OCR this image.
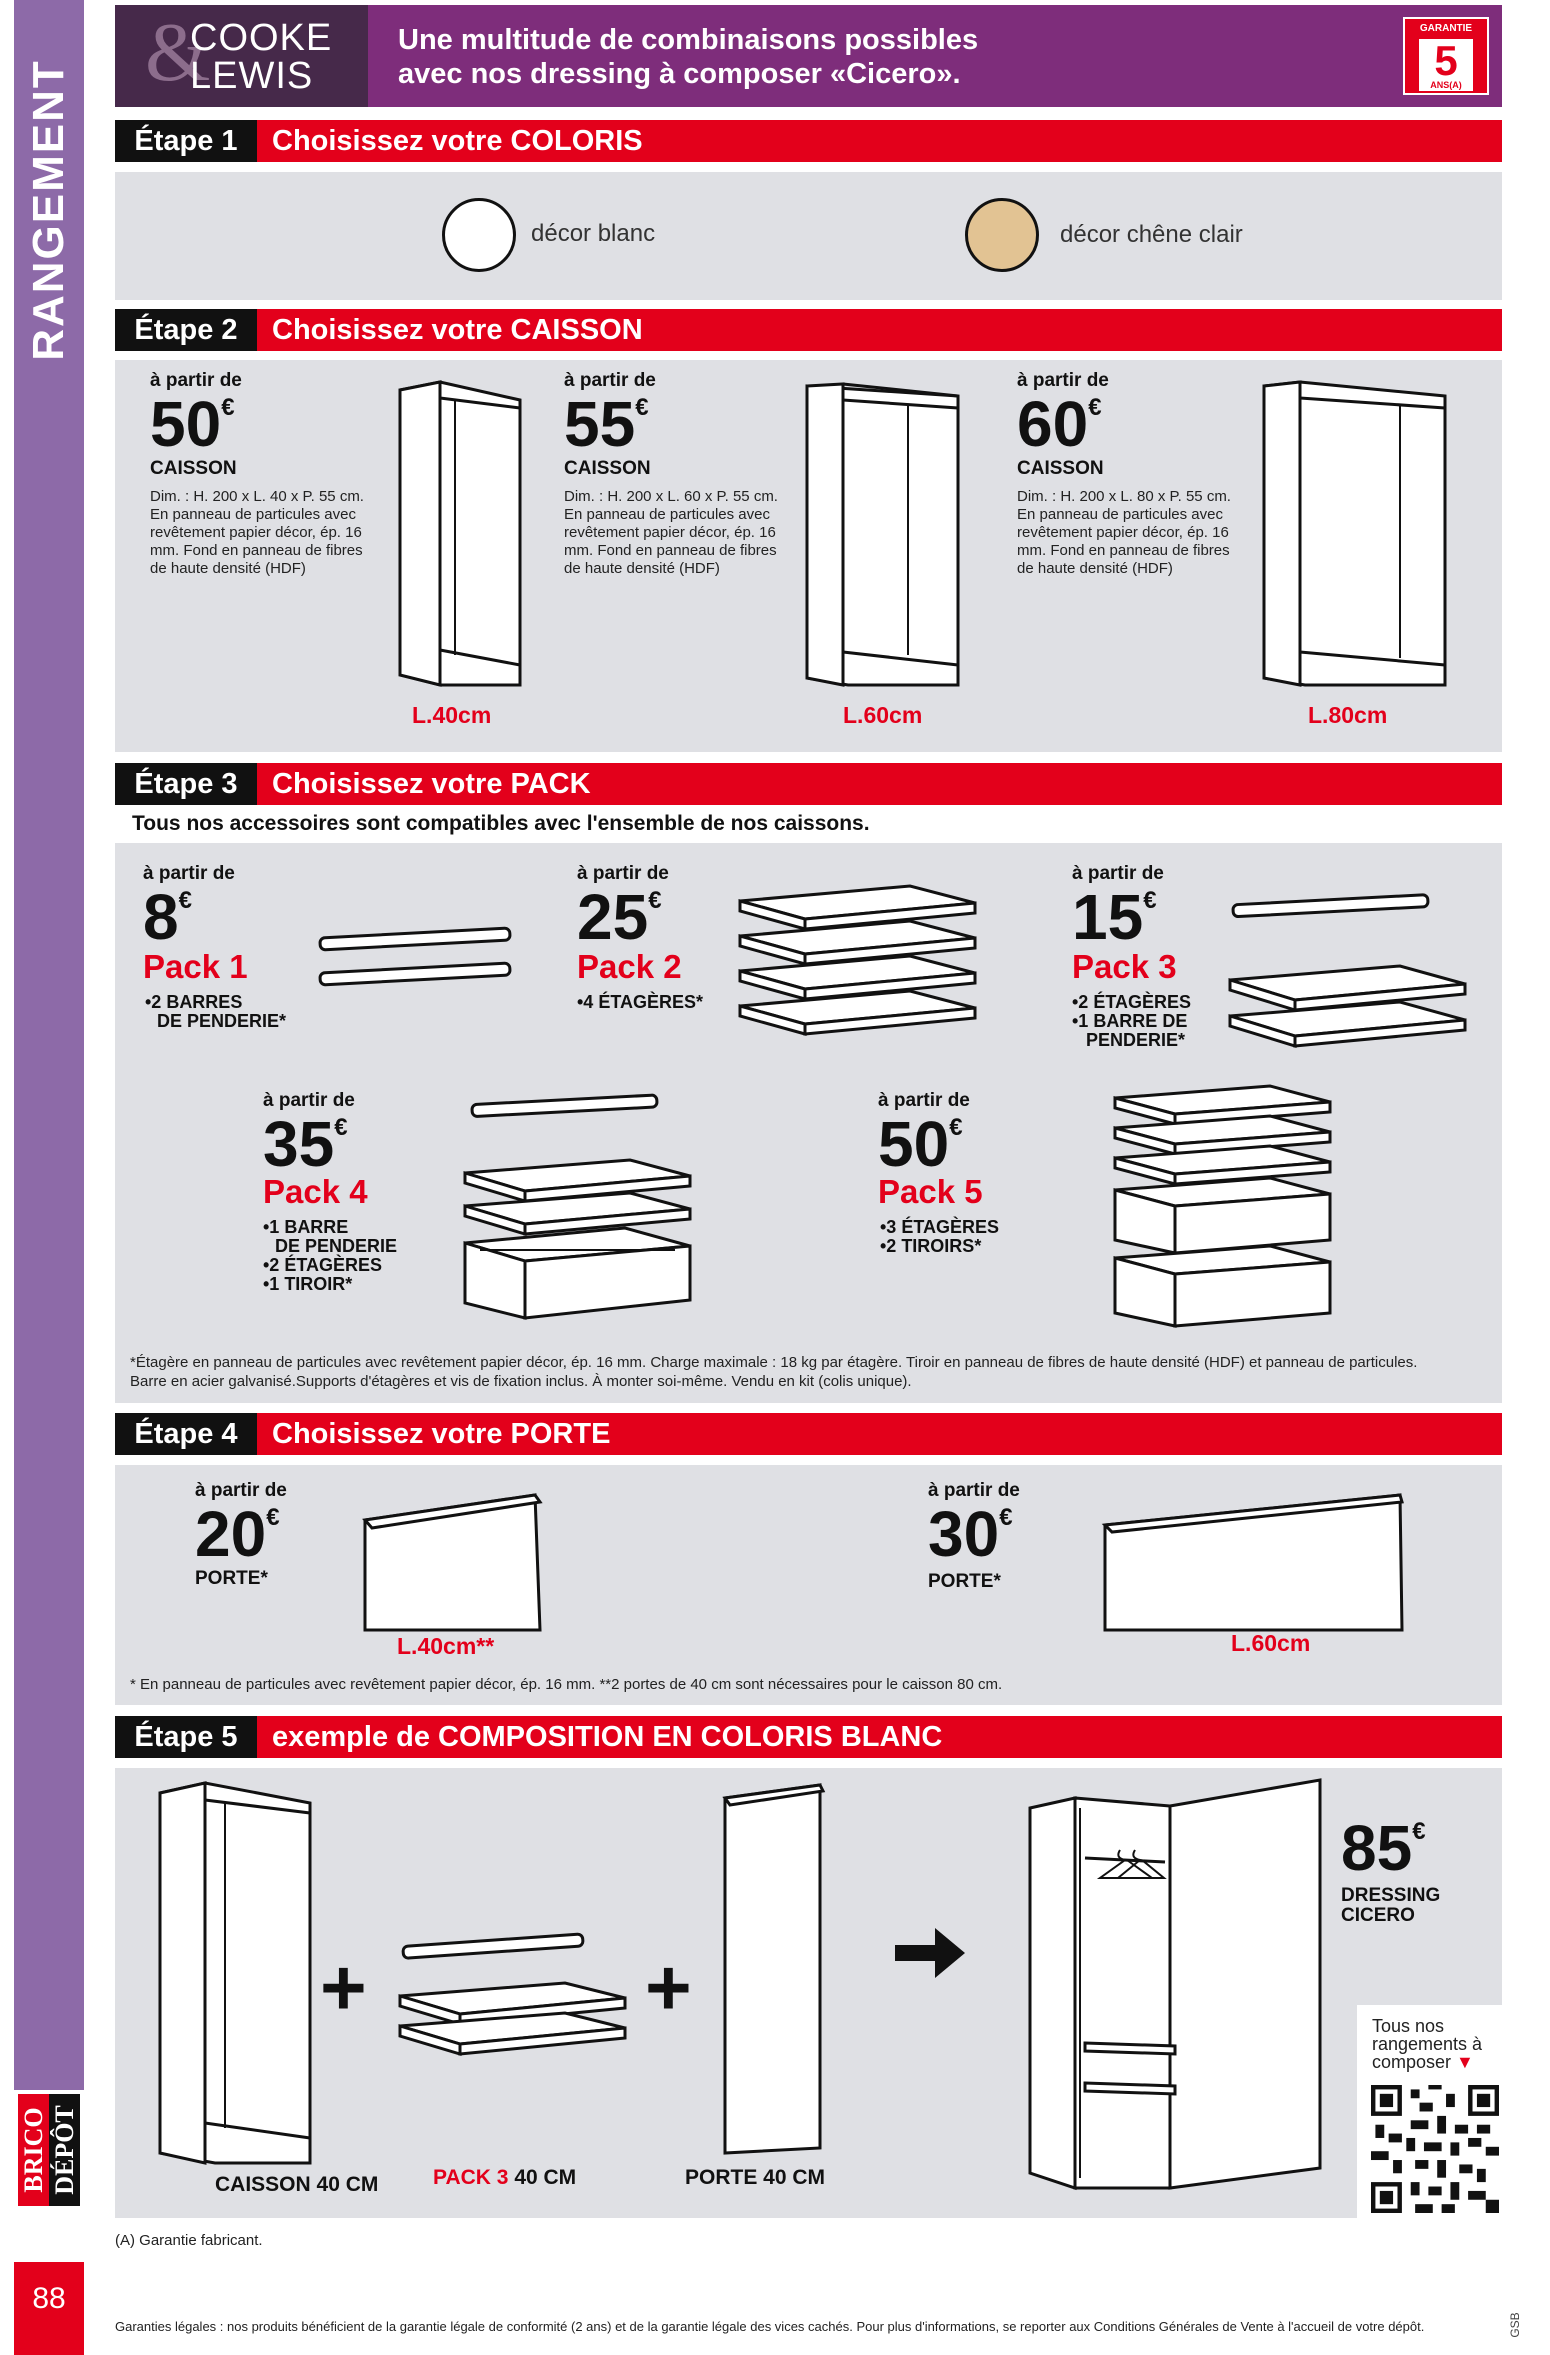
RANGEMENT
BRICO DÉPÔT
88
&
COOKE
LEWIS
Une multitude de combinaisons possibles
avec nos dressing à composer «Cicero».
GARANTIE
5
ANS(A)
Étape 1	Choisissez votre COLORIS
décor blanc	décor chêne clair
Étape 2	Choisissez votre CAISSON
à partir de
50€
CAISSON
Dim. : H. 200 x L. 40 x P. 55 cm.
En panneau de particules avec
revêtement papier décor, ép. 16
mm. Fond en panneau de fibres
de haute densité (HDF)
L.40cm
à partir de
55€
CAISSON
Dim. : H. 200 x L. 60 x P. 55 cm.
En panneau de particules avec
revêtement papier décor, ép. 16
mm. Fond en panneau de fibres
de haute densité (HDF)
L.60cm
à partir de
60€
CAISSON
Dim. : H. 200 x L. 80 x P. 55 cm.
En panneau de particules avec
revêtement papier décor, ép. 16
mm. Fond en panneau de fibres
de haute densité (HDF)
L.80cm
Étape 3	Choisissez votre PACK
Tous nos accessoires sont compatibles avec l'ensemble de nos caissons.
à partir de
8€
Pack 1
•2 BARRES
DE PENDERIE*
à partir de
25€
Pack 2
•4 ÉTAGÈRES*
à partir de
15€
Pack 3
•2 ÉTAGÈRES
•1 BARRE DE
PENDERIE*
à partir de
35€
Pack 4
•1 BARRE
DE PENDERIE
•2 ÉTAGÈRES
•1 TIROIR*
à partir de
50€
Pack 5
•3 ÉTAGÈRES
•2 TIROIRS*
*Étagère en panneau de particules avec revêtement papier décor, ép. 16 mm. Charge maximale : 18 kg par étagère. Tiroir en panneau de fibres de haute densité (HDF) et panneau de particules.
Barre en acier galvanisé.Supports d'étagères et vis de fixation inclus. À monter soi-même. Vendu en kit (colis unique).
Étape 4	Choisissez votre PORTE
à partir de
20€
PORTE*
L.40cm**
à partir de
30€
PORTE*
L.60cm
* En panneau de particules avec revêtement papier décor, ép. 16 mm. **2 portes de 40 cm sont nécessaires pour le caisson 80 cm.
Étape 5	exemple de COMPOSITION EN COLORIS BLANC
CAISSON 40 CM
+
PACK 3 40 CM
+
PORTE 40 CM
85€
DRESSING
CICERO
Tous nos
rangements à
composer ▼
(A) Garantie fabricant.
Garanties légales : nos produits bénéficient de la garantie légale de conformité (2 ans) et de la garantie légale des vices cachés. Pour plus d'informations, se reporter aux Conditions Générales de Vente à l'accueil de votre dépôt.	GSB
